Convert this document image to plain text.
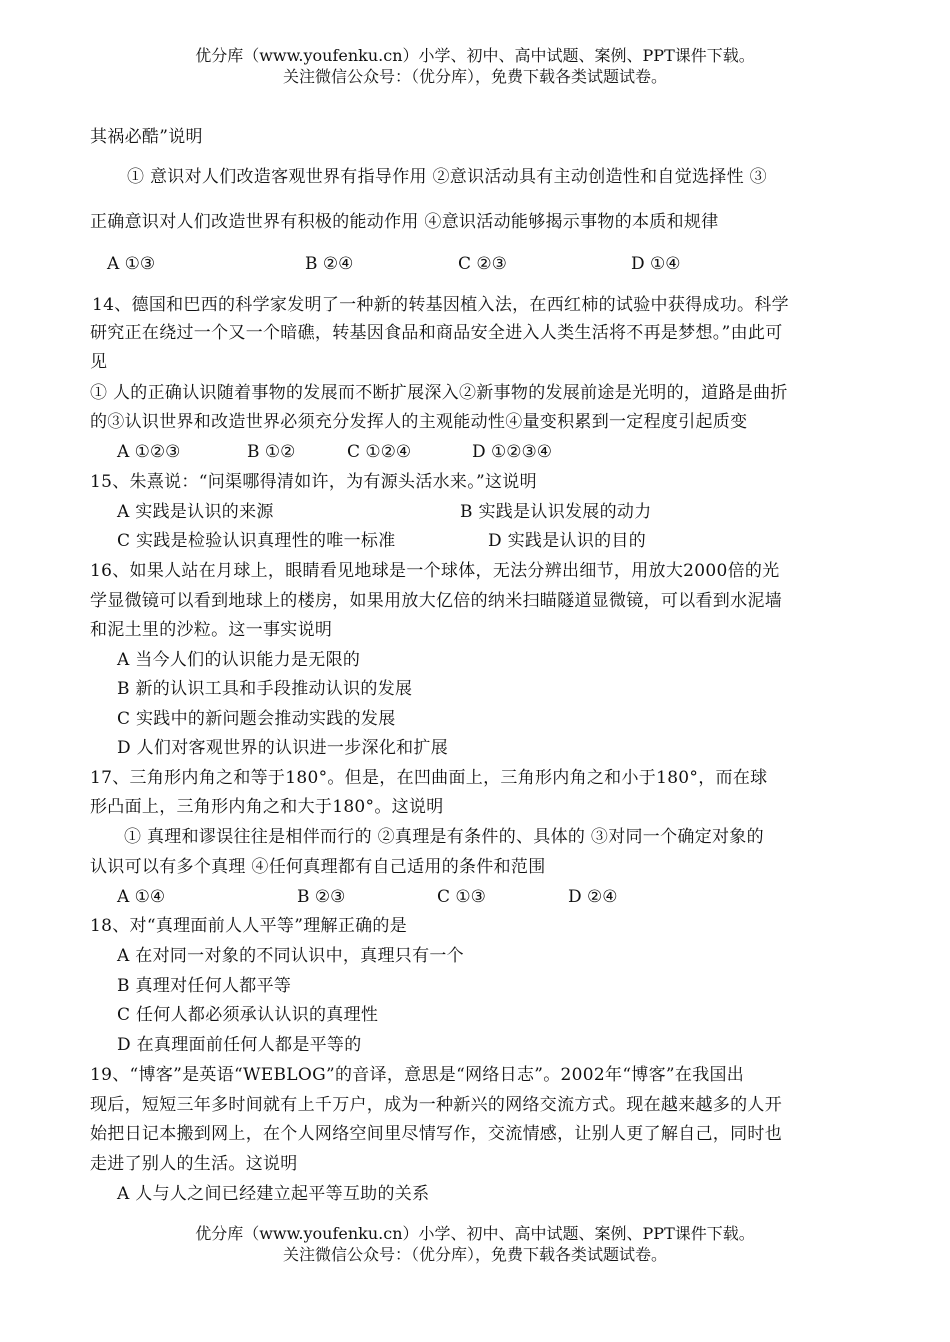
优分库（www.youfenku.cn）小学、初中、高中试题、案例、PPT课件下载。
关注微信公众号：（优分库），免费下载各类试题试卷。
其祸必酷”说明
① 意识对人们改造客观世界有指导作用 ②意识活动具有主动创造性和自觉选择性 ③
正确意识对人们改造世界有积极的能动作用 ④意识活动能够揭示事物的本质和规律
A ①③	B ②④	C ②③	D ①④
14、德国和巴西的科学家发明了一种新的转基因植入法，在西红柿的试验中获得成功。科学
研究正在绕过一个又一个暗礁，转基因食品和商品安全进入人类生活将不再是梦想。”由此可
见
① 人的正确认识随着事物的发展而不断扩展深入②新事物的发展前途是光明的，道路是曲折
的③认识世界和改造世界必须充分发挥人的主观能动性④量变积累到一定程度引起质变
A ①②③	B ①②	C ①②④	D ①②③④
15、朱熹说：“问渠哪得清如许，为有源头活水来。”这说明
A 实践是认识的来源	B 实践是认识发展的动力
C 实践是检验认识真理性的唯一标准	D 实践是认识的目的
16、如果人站在月球上，眼睛看见地球是一个球体，无法分辨出细节，用放大2000倍的光
学显微镜可以看到地球上的楼房，如果用放大亿倍的纳米扫瞄隧道显微镜，可以看到水泥墙
和泥土里的沙粒。这一事实说明
A 当今人们的认识能力是无限的
B 新的认识工具和手段推动认识的发展
C 实践中的新问题会推动实践的发展
D 人们对客观世界的认识进一步深化和扩展
17、三角形内角之和等于180°。但是，在凹曲面上，三角形内角之和小于180°，而在球
形凸面上，三角形内角之和大于180°。这说明
① 真理和谬误往往是相伴而行的 ②真理是有条件的、具体的 ③对同一个确定对象的
认识可以有多个真理 ④任何真理都有自己适用的条件和范围
A ①④	B ②③	C ①③	D ②④
18、对“真理面前人人平等”理解正确的是
A 在对同一对象的不同认识中，真理只有一个
B 真理对任何人都平等
C 任何人都必须承认认识的真理性
D 在真理面前任何人都是平等的
19、“博客”是英语“WEBLOG”的音译，意思是“网络日志”。2002年“博客”在我国出
现后，短短三年多时间就有上千万户，成为一种新兴的网络交流方式。现在越来越多的人开
始把日记本搬到网上，在个人网络空间里尽情写作，交流情感，让别人更了解自己，同时也
走进了别人的生活。这说明
A 人与人之间已经建立起平等互助的关系
优分库（www.youfenku.cn）小学、初中、高中试题、案例、PPT课件下载。
关注微信公众号：（优分库），免费下载各类试题试卷。
